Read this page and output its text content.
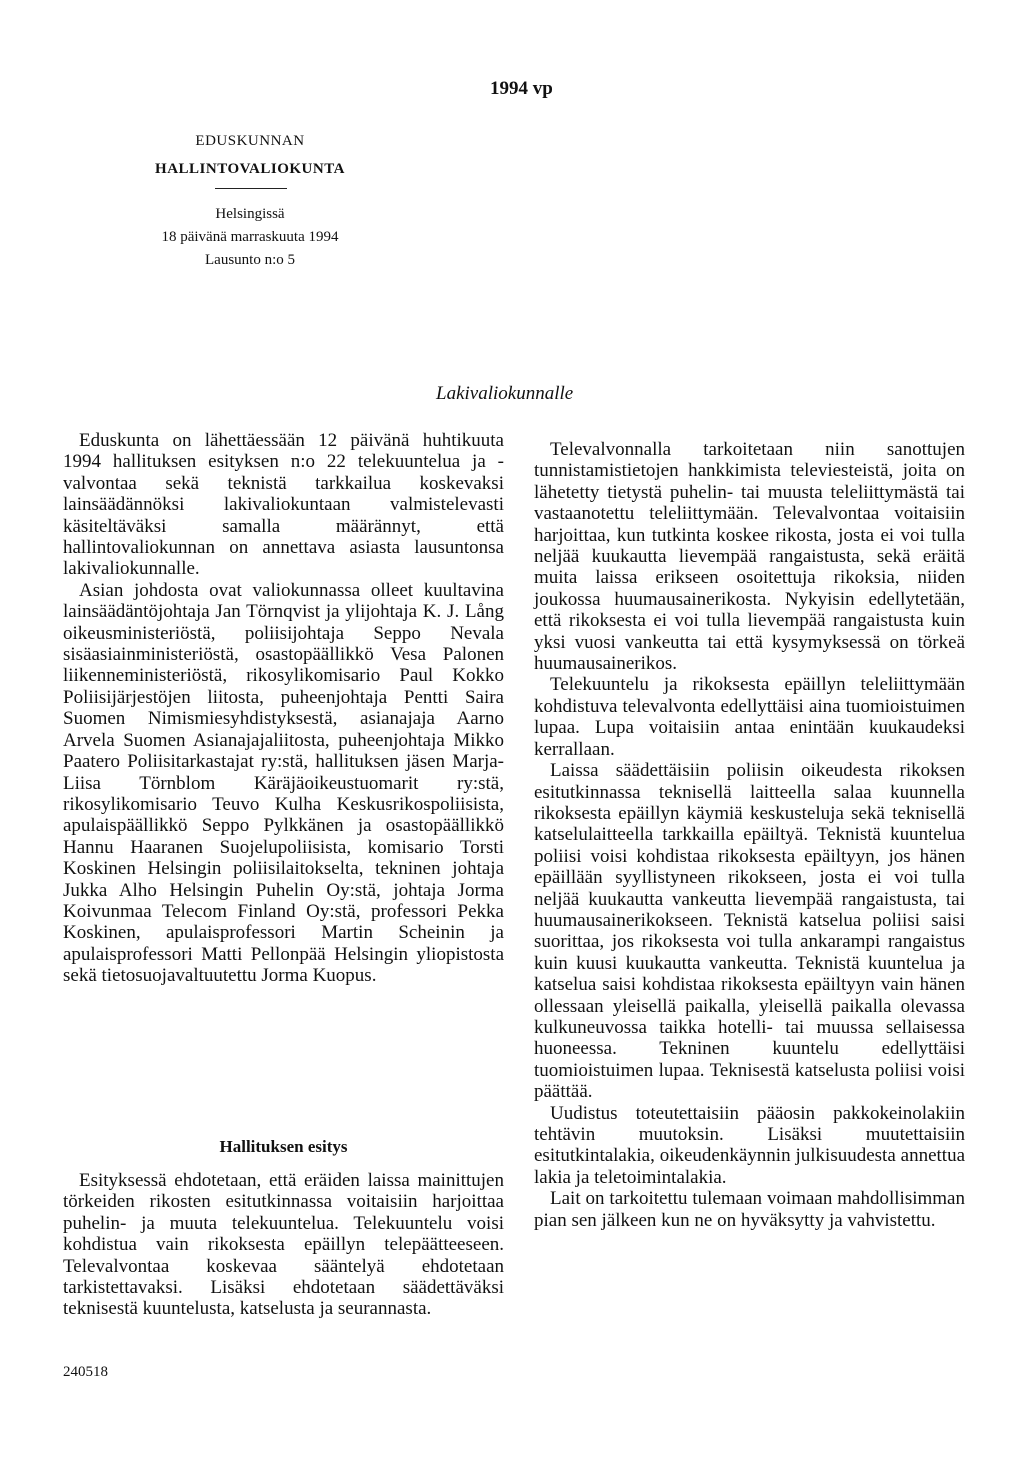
1994 vp
EDUSKUNNAN
HALLINTOVALIOKUNTA
Helsingissä
18 päivänä marraskuuta 1994
Lausunto n:o 5
Lakivaliokunnalle

Eduskunta on lähettäessään 12 päivänä huhtikuuta 1994 hallituksen esityksen n:o 22 telekuuntelua ja -valvontaa sekä teknistä tarkkailua koskevaksi lainsäädännöksi lakivaliokuntaan valmistelevasti käsiteltäväksi samalla määrännyt, että hallintovaliokunnan on annettava asiasta lausuntonsa lakivaliokunnalle.

Asian johdosta ovat valiokunnassa olleet kuultavina lainsäädäntöjohtaja Jan Törnqvist ja ylijohtaja K. J. Lång oikeusministeriöstä, poliisijohtaja Seppo Nevala sisäasiainministeriöstä, osastopäällikkö Vesa Palonen liikenneministeriöstä, rikosylikomisario Paul Kokko Poliisijärjestöjen liitosta, puheenjohtaja Pentti Saira Suomen Nimismiesyhdistyksestä, asianajaja Aarno Arvela Suomen Asianajajaliitosta, puheenjohtaja Mikko Paatero Poliisitarkastajat ry:stä, hallituksen jäsen Marja-Liisa Törnblom Käräjäoikeustuomarit ry:stä, rikosylikomisario Teuvo Kulha Keskusrikospoliisista, apulaispäällikkö Seppo Pylkkänen ja osastopäällikkö Hannu Haaranen Suojelupoliisista, komisario Torsti Koskinen Helsingin poliisilaitokselta, tekninen johtaja Jukka Alho Helsingin Puhelin Oy:stä, johtaja Jorma Koivunmaa Telecom Finland Oy:stä, professori Pekka Koskinen, apulaisprofessori Martin Scheinin ja apulaisprofessori Matti Pellonpää Helsingin yliopistosta sekä tietosuojavaltuutettu Jorma Kuopus.

Hallituksen esitys

Esityksessä ehdotetaan, että eräiden laissa mainittujen törkeiden rikosten esitutkinnassa voitaisiin harjoittaa puhelin- ja muuta telekuuntelua. Telekuuntelu voisi kohdistua vain rikoksesta epäillyn telepäätteeseen. Televalvontaa koskevaa sääntelyä ehdotetaan tarkistettavaksi. Lisäksi ehdotetaan säädettäväksi teknisestä kuuntelusta, katselusta ja seurannasta.

Televalvonnalla tarkoitetaan niin sanottujen tunnistamistietojen hankkimista televiesteistä, joita on lähetetty tietystä puhelin- tai muusta teleliittymästä tai vastaanotettu teleliittymään. Televalvontaa voitaisiin harjoittaa, kun tutkinta koskee rikosta, josta ei voi tulla neljää kuukautta lievempää rangaistusta, sekä eräitä muita laissa erikseen osoitettuja rikoksia, niiden joukossa huumausainerikosta. Nykyisin edellytetään, että rikoksesta ei voi tulla lievempää rangaistusta kuin yksi vuosi vankeutta tai että kysymyksessä on törkeä huumausainerikos.

Telekuuntelu ja rikoksesta epäillyn teleliittymään kohdistuva televalvonta edellyttäisi aina tuomioistuimen lupaa. Lupa voitaisiin antaa enintään kuukaudeksi kerrallaan.

Laissa säädettäisiin poliisin oikeudesta rikoksen esitutkinnassa teknisellä laitteella salaa kuunnella rikoksesta epäillyn käymiä keskusteluja sekä teknisellä katselulaitteella tarkkailla epäiltyä. Teknistä kuuntelua poliisi voisi kohdistaa rikoksesta epäiltyyn, jos hänen epäillään syyllistyneen rikokseen, josta ei voi tulla neljää kuukautta vankeutta lievempää rangaistusta, tai huumausainerikokseen. Teknistä katselua poliisi saisi suorittaa, jos rikoksesta voi tulla ankarampi rangaistus kuin kuusi kuukautta vankeutta. Teknistä kuuntelua ja katselua saisi kohdistaa rikoksesta epäiltyyn vain hänen ollessaan yleisellä paikalla, yleisellä paikalla olevassa kulkuneuvossa taikka hotelli- tai muussa sellaisessa huoneessa. Tekninen kuuntelu edellyttäisi tuomioistuimen lupaa. Teknisestä katselusta poliisi voisi päättää.

Uudistus toteutettaisiin pääosin pakkokeinolakiin tehtävin muutoksin. Lisäksi muutettaisiin esitutkintalakia, oikeudenkäynnin julkisuudesta annettua lakia ja teletoimintalakia.

Lait on tarkoitettu tulemaan voimaan mahdollisimman pian sen jälkeen kun ne on hyväksytty ja vahvistettu.

240518
